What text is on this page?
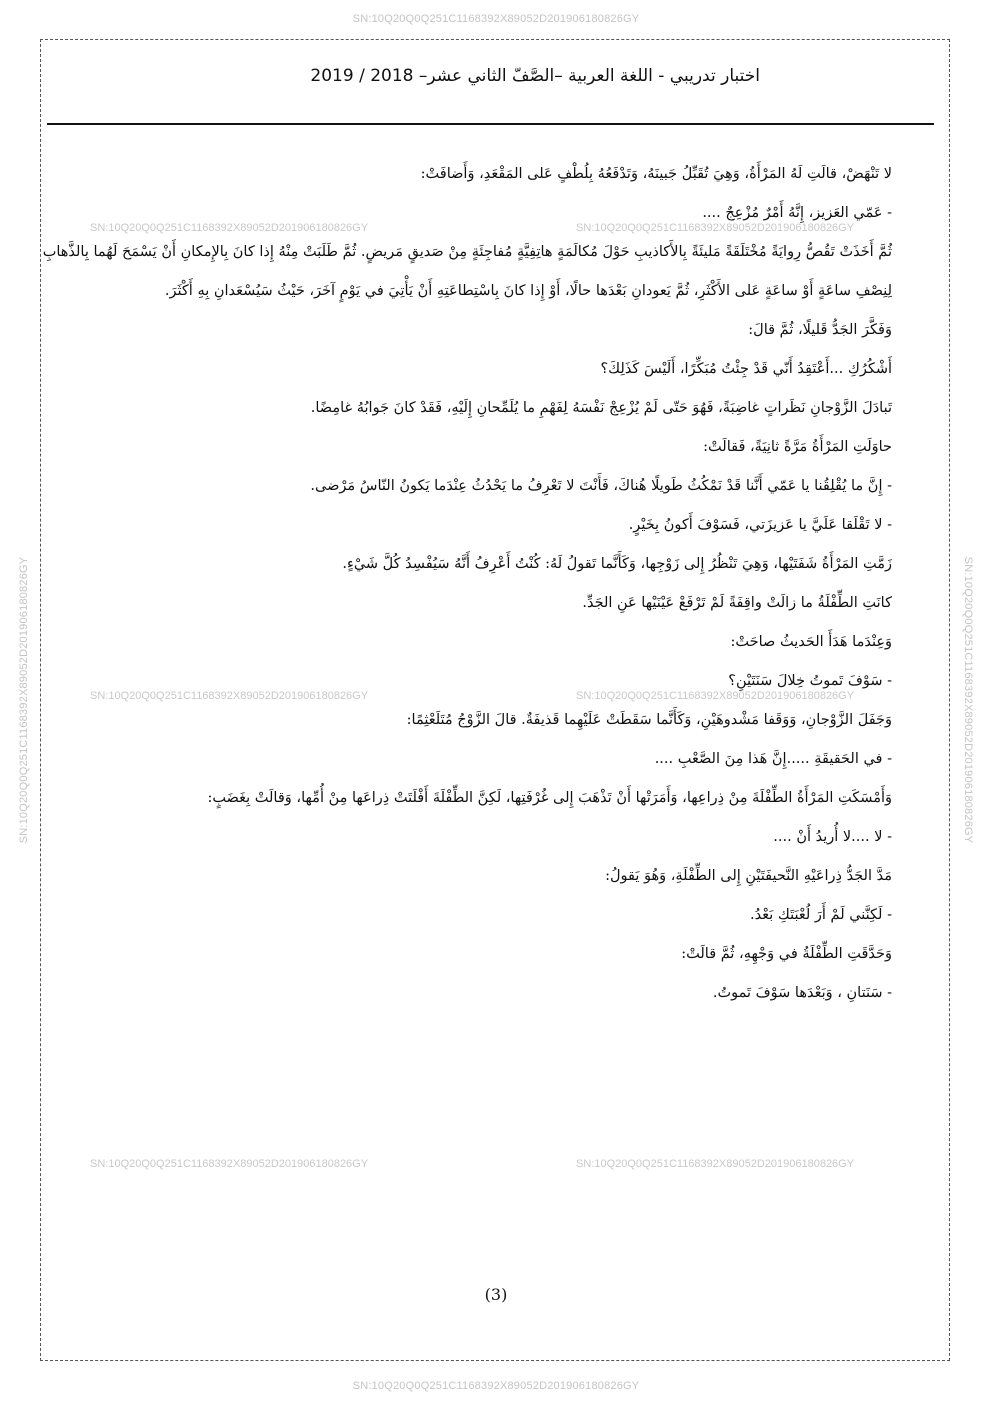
SN:10Q20Q0Q251C1168392X89052D201906180826GY
SN:10Q20Q0Q251C1168392X89052D201906180826GY	SN:10Q20Q0Q251C1168392X89052D201906180826GY
SN:10Q20Q0Q251C1168392X89052D201906180826GY	SN:10Q20Q0Q251C1168392X89052D201906180826GY
SN:10Q20Q0Q251C1168392X89052D201906180826GY	SN:10Q20Q0Q251C1168392X89052D201906180826GY
SN:10Q20Q0Q251C1168392X89052D201906180826GY	SN:10Q20Q0Q251C1168392X89052D201906180826GY
اختبار تدريبي - اللغة العربية –الصَّفّ الثاني عشر– 2018 / 2019

لا تَنْهَضْ، قالَتِ لَهُ المَرْأَةُ، وَهِيَ تُقَبِّلُ جَبينَهُ، وَتَدْفَعُهُ بِلُطْفٍ عَلى المَقْعَدِ، وَأَضافَتْ:

- عَمّي العَزيز، إِنَّهُ أَمْرٌ مُزْعِجٌ ....

ثُمَّ أَخَذَتْ تَقُصُّ رِوايَةً مُخْتَلَقَةً مَليئَةً بِالأَكاذيبِ حَوْلَ مُكالَمَةٍ هاتِفِيَّةٍ مُفاجِئَةٍ مِنْ صَديقٍ مَريضٍ. ثُمَّ طَلَبَتْ مِنْهُ إِذا كانَ بِالإِمكانِ أَنْ يَسْمَحَ لَهُما بِالذَّهابِ لِنِصْفِ ساعَةٍ أَوْ ساعَةٍ عَلى الأَكْثَرِ، ثُمَّ يَعودانِ بَعْدَها حالًا، أَوْ إِذا كانَ بِاسْتِطاعَتِهِ أَنْ يَأْتِيَ في يَوْمٍ آخَرَ، حَيْثُ سَيُسْعَدانِ بِهِ أَكْثَرَ.

وَفَكَّرَ الجَدُّ قَليلًا، ثُمَّ قالَ:

أَشْكُرُكِ ...أَعْتَقِدُ أَنّي قَدْ جِئْتُ مُبَكِّرًا، أَلَيْسَ كَذَلِكَ؟

تَبادَلَ الزَّوْجانِ نَظَراتٍ غاضِبَةً، فَهُوَ حَتّى لَمْ يُزْعِجْ نَفْسَهُ لِفَهْمِ ما يُلَمِّحانِ إِلَيْهِ، فَقَدْ كانَ جَوابُهُ غامِضًا.

حاوَلَتِ المَرْأَةُ مَرَّةً ثانِيَةً، فَقالَتْ:

- إِنَّ ما يُقْلِقُنا يا عَمّي أَنَّنا قَدْ نَمْكُثُ طَويلًا هُناكَ، فَأَنْتَ لا تَعْرِفُ ما يَحْدُثُ عِنْدَما يَكونُ النّاسُ مَرْضى.

- لا تَقْلَقا عَلَيَّ يا عَزيزَتي، فَسَوْفَ أَكونُ بِخَيْرٍ.

زَمَّتِ المَرْأَةُ شَفَتَيْها، وَهِيَ تَنْظُرُ إِلى زَوْجِها، وَكَأَنَّما تَقولُ لَهُ: كُنْتُ أَعْرِفُ أَنَّهُ سَيُفْسِدُ كُلَّ شَيْءٍ.

كانَتِ الطِّفْلَةُ ما زالَتْ واقِفَةً لَمْ تَرْفَعْ عَيْنَيْها عَنِ الجَدِّ.

وَعِنْدَما هَدَأَ الحَديثُ صاحَتْ:

- سَوْفَ تَموتُ خِلالَ سَنَتَيْنِ؟

وَجَفَلَ الزَّوْجانِ، وَوَقَفا مَشْدوهَيْنِ، وَكَأَنَّما سَقَطَتْ عَلَيْهِما قَذيفَةٌ. قالَ الزَّوْجُ مُتَلَعْثِمًا:

- في الحَقيقَةِ .....إِنَّ هَذا مِنَ الصَّعْبِ ....

وَأَمْسَكَتِ المَرْأَةُ الطِّفْلَةَ مِنْ ذِراعِها، وَأَمَرَتْها أَنْ تَذْهَبَ إِلى غُرْفَتِها، لَكِنَّ الطِّفْلَةَ أَفْلَتَتْ ذِراعَها مِنْ أُمِّها، وَقالَتْ بِغَضَبٍ:

- لا ....لا أُريدُ أَنْ ....

مَدَّ الجَدُّ ذِراعَيْهِ النَّحيفَتَيْنِ إِلى الطِّفْلَةِ، وَهُوَ يَقولُ:

- لَكِنَّني لَمْ أَرَ لُعْبَتَكِ بَعْدُ.

وَحَدَّقَتِ الطِّفْلَةُ في وَجْهِهِ، ثُمَّ قالَتْ:

- سَنَتانِ ، وَبَعْدَها سَوْفَ تَموتُ.

(3)
SN:10Q20Q0Q251C1168392X89052D201906180826GY
